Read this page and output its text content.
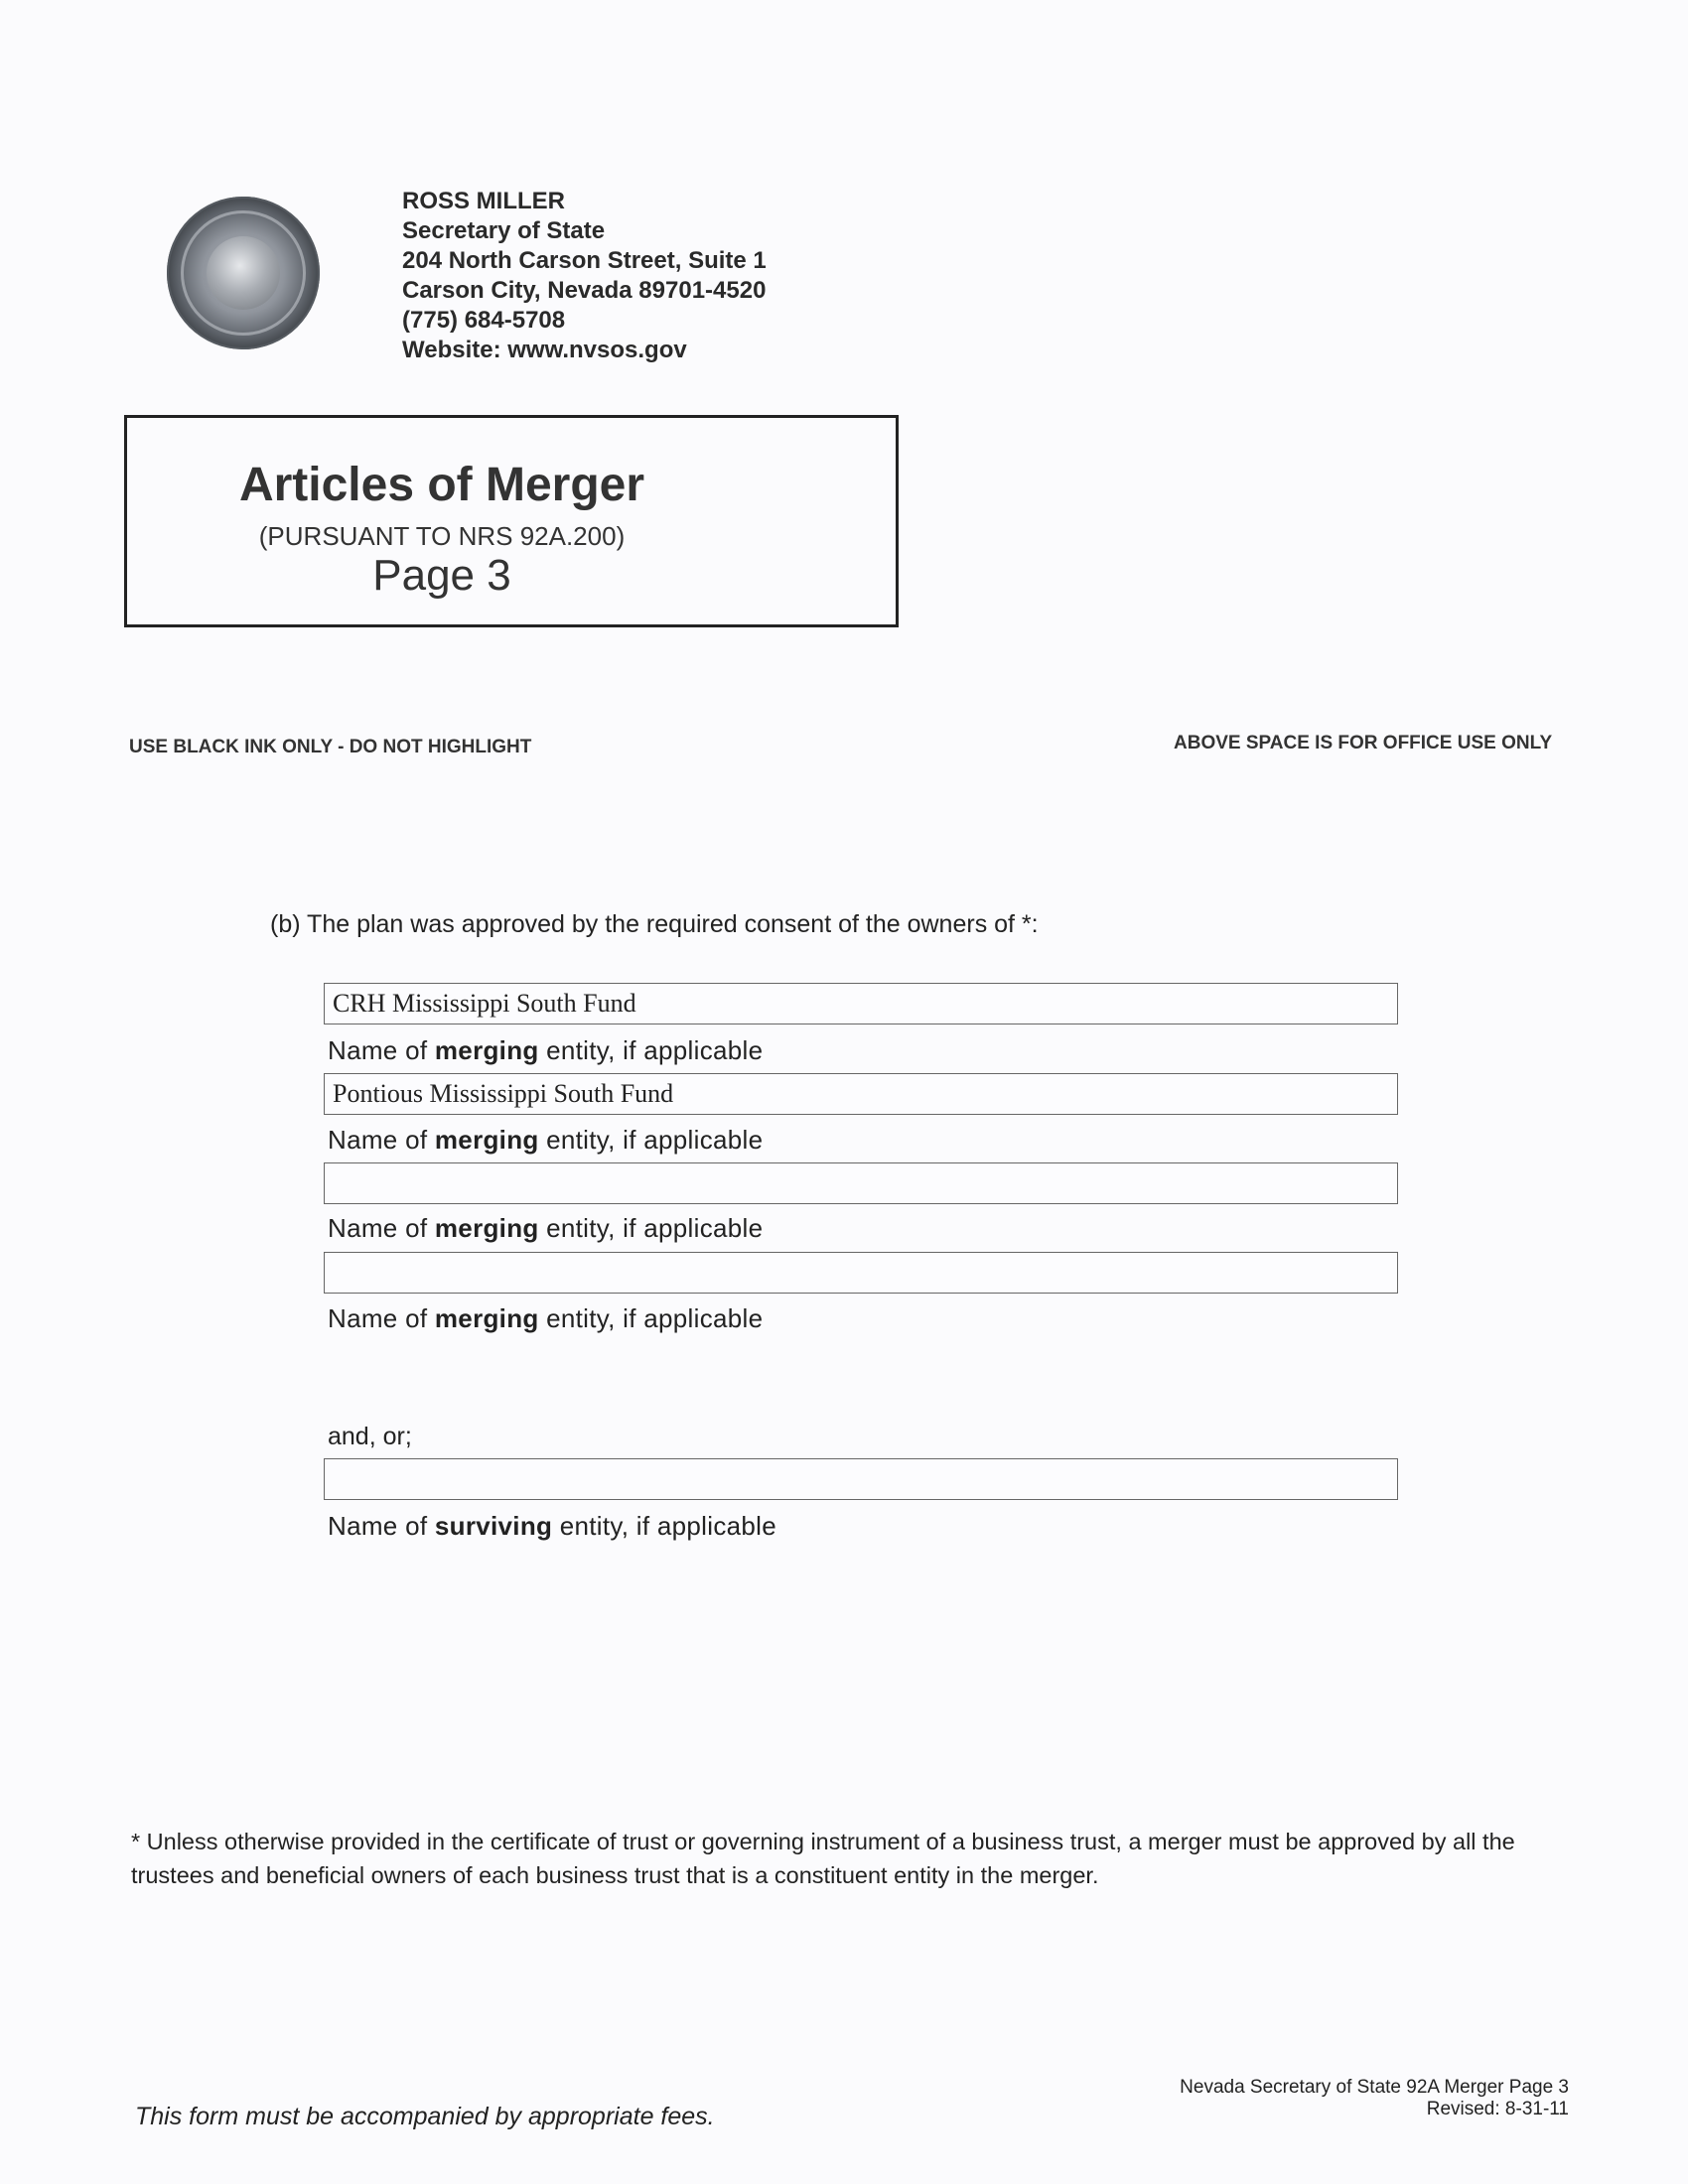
ROSS MILLER
Secretary of State
204 North Carson Street, Suite 1
Carson City, Nevada 89701-4520
(775) 684-5708
Website: www.nvsos.gov
Articles of Merger
(PURSUANT TO NRS 92A.200)
Page 3
USE BLACK INK ONLY - DO NOT HIGHLIGHT	ABOVE SPACE IS FOR OFFICE USE ONLY
(b) The plan was approved by the required consent of the owners of *:
CRH Mississippi South Fund
Name of merging entity, if applicable
Pontious Mississippi South Fund
Name of merging entity, if applicable
Name of merging entity, if applicable
Name of merging entity, if applicable
and, or;
Name of surviving entity, if applicable
* Unless otherwise provided in the certificate of trust or governing instrument of a business trust, a merger must be approved by all the trustees and beneficial owners of each business trust that is a constituent entity in the merger.
This form must be accompanied by appropriate fees.
Nevada Secretary of State 92A Merger Page 3
Revised: 8-31-11
